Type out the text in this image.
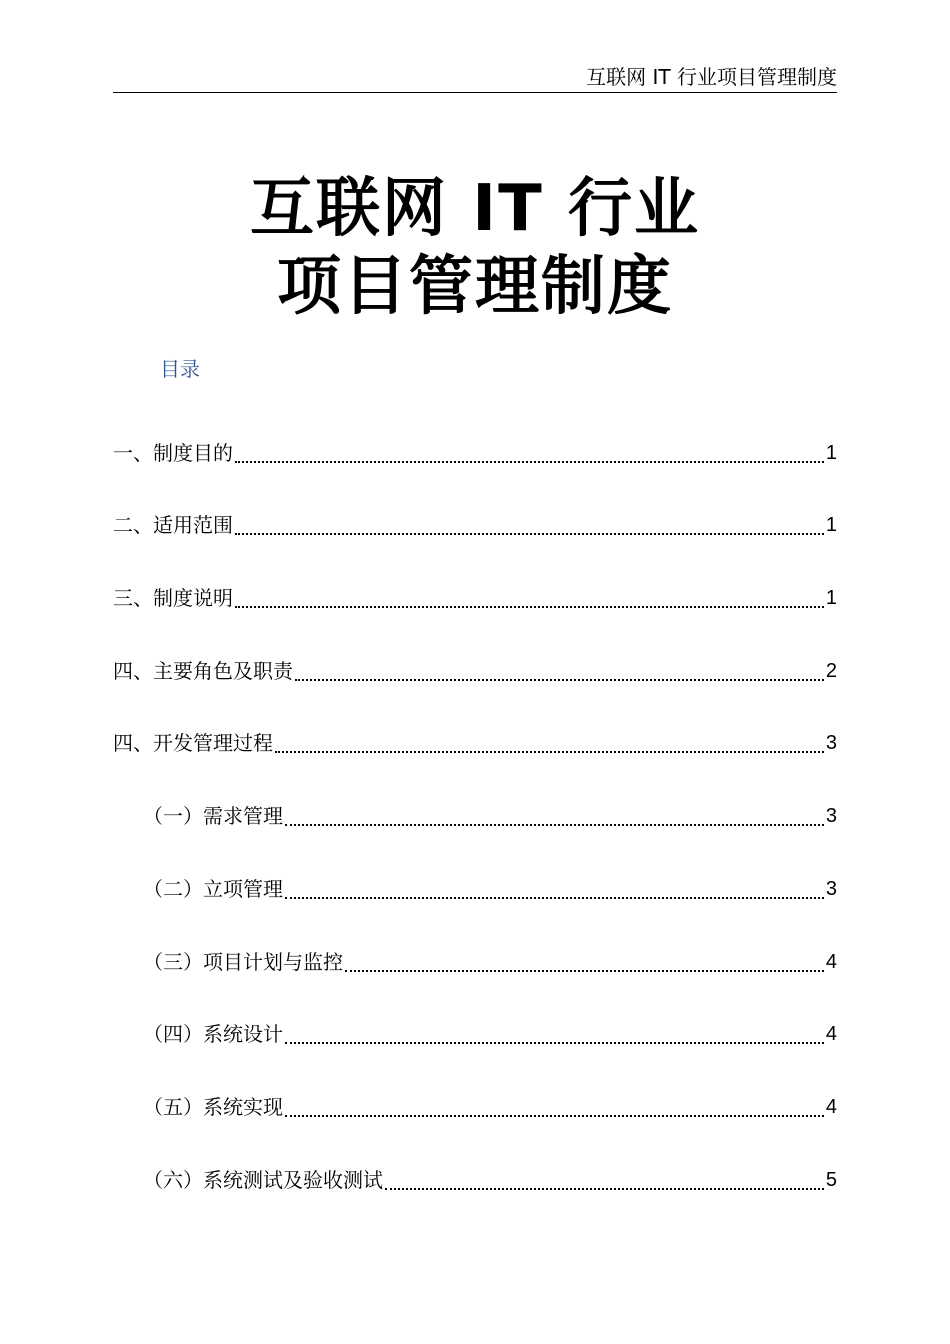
互联网 IT 行业项目管理制度
互联网 IT 行业
项目管理制度
目录
一、制度目的	1
二、适用范围	1
三、制度说明	1
四、主要角色及职责	2
四、开发管理过程	3
（一）需求管理	3
（二）立项管理	3
（三）项目计划与监控	4
（四）系统设计	4
（五）系统实现	4
（六）系统测试及验收测试	5
